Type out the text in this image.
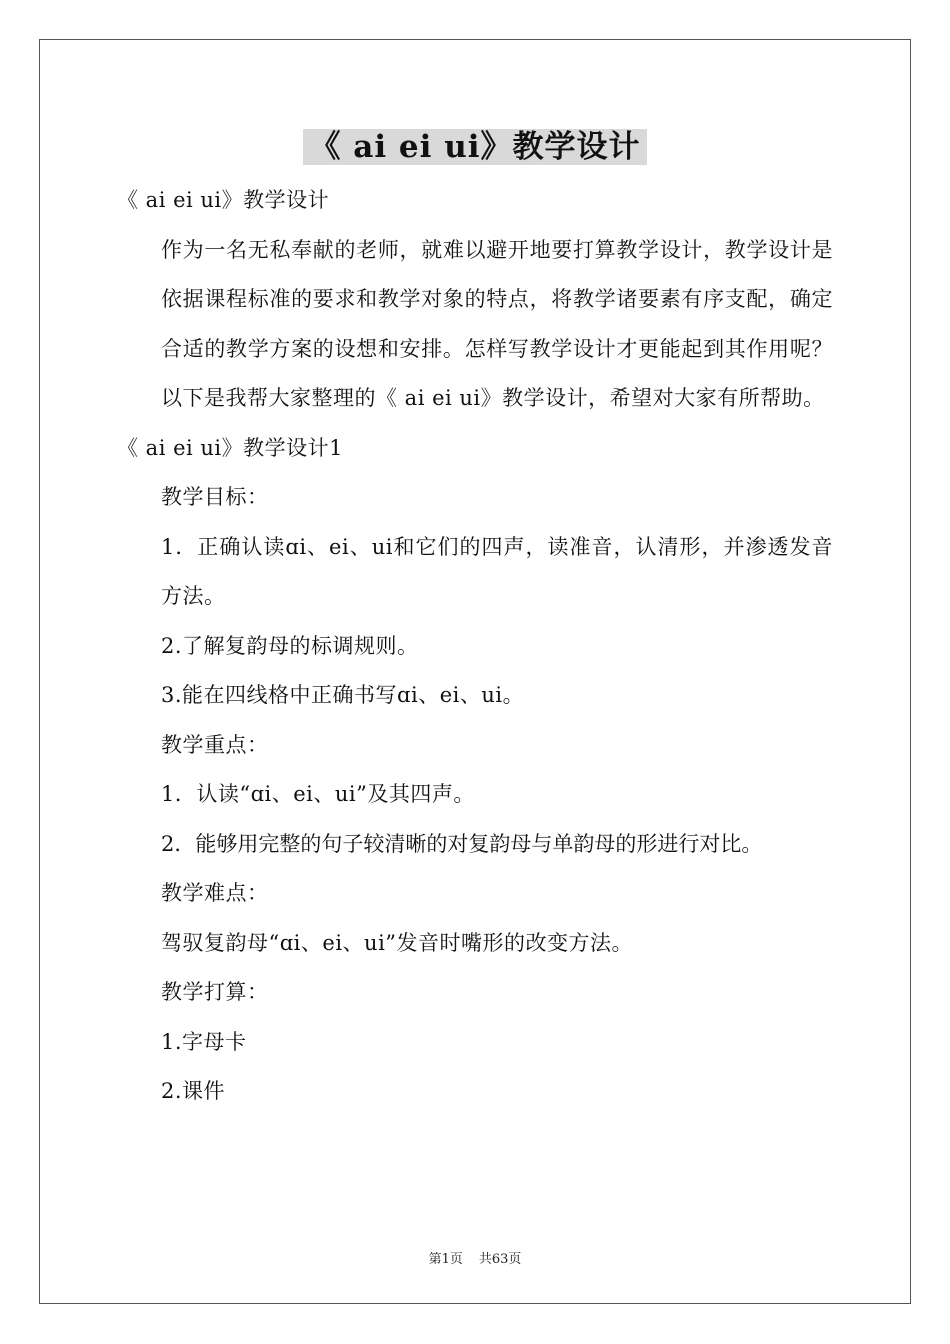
《 ai ei ui》教学设计

《 ai ei ui》教学设计

作为一名无私奉献的老师，就难以避开地要打算教学设计，教学设计是依据课程标准的要求和教学对象的特点，将教学诸要素有序支配，确定合适的教学方案的设想和安排。怎样写教学设计才更能起到其作用呢？以下是我帮大家整理的《 ai ei ui》教学设计，希望对大家有所帮助。

《 ai ei ui》教学设计1

教学目标：

1．正确认读ɑi、ei、ui和它们的四声，读准音，认清形，并渗透发音方法。

2.了解复韵母的标调规则。

3.能在四线格中正确书写ɑi、ei、ui。

教学重点：

1．认读“ɑi、ei、ui”及其四声。

2．能够用完整的句子较清晰的对复韵母与单韵母的形进行对比。

教学难点：

驾驭复韵母“ɑi、ei、ui”发音时嘴形的改变方法。

教学打算：

1.字母卡

2.课件

第1页 共63页
